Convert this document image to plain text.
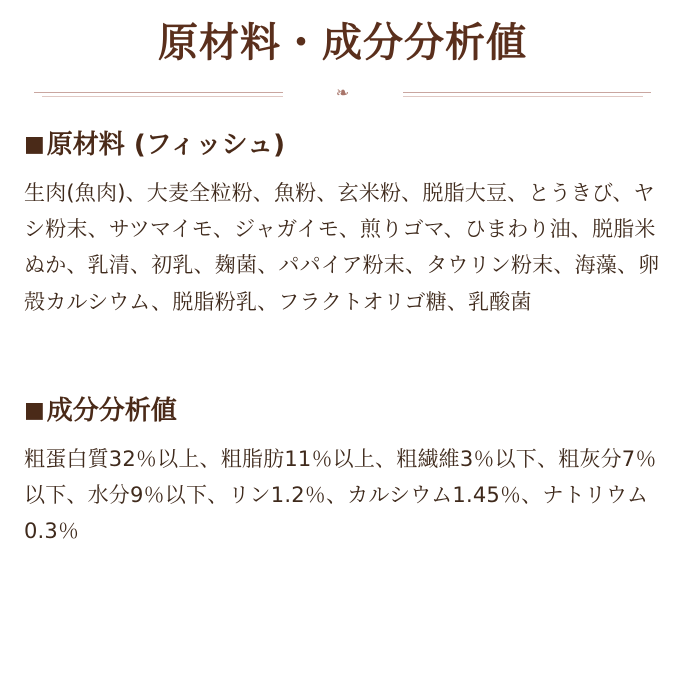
原材料・成分分析値
❧
■原材料 (フィッシュ)

生肉(魚肉)、大麦全粒粉、魚粉、玄米粉、脱脂大豆、とうきび、ヤシ粉末、サツマイモ、ジャガイモ、煎りゴマ、ひまわり油、脱脂米ぬか、乳清、初乳、麹菌、パパイア粉末、タウリン粉末、海藻、卵殻カルシウム、脱脂粉乳、フラクトオリゴ糖、乳酸菌

■成分分析値

粗蛋白質32％以上、粗脂肪11％以上、粗繊維3％以下、粗灰分7％以下、水分9％以下、リン1.2％、カルシウム1.45％、ナトリウム0.3％
